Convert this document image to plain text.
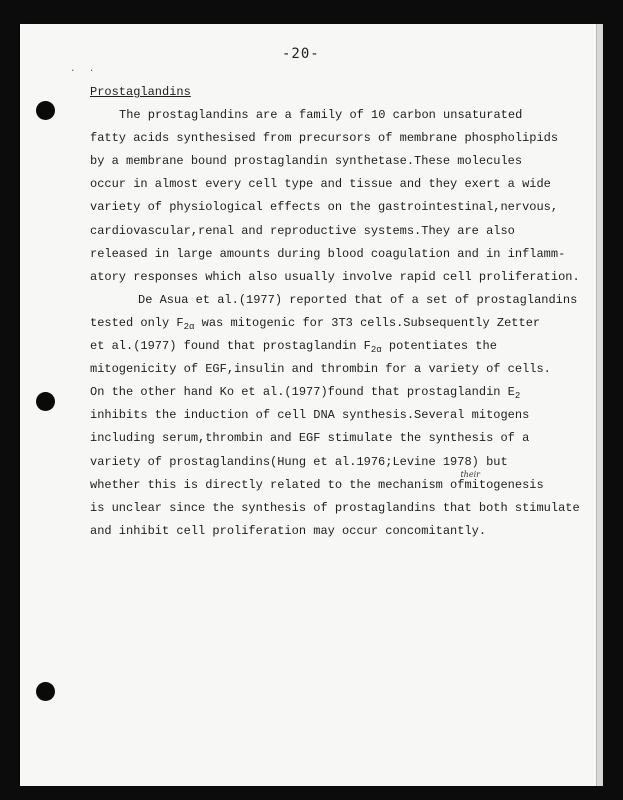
. .
-20-
Prostaglandins
The prostaglandins are a family of 10 carbon unsaturated
fatty acids synthesised from precursors of membrane phospholipids
by a membrane bound prostaglandin synthetase.These molecules
occur in almost every cell type and tissue and they exert a wide
variety of physiological effects on the gastrointestinal,nervous,
cardiovascular,renal and reproductive systems.They are also
released in large amounts during blood coagulation and in inflamm-
atory responses which also usually involve rapid cell proliferation.
De Asua et al.(1977) reported that of a set of prostaglandins
tested only $F_{2\alpha}$ was mitogenic for 3T3 cells.Subsequently Zetter
et al.(1977) found that prostaglandin $F_{2\alpha}$ potentiates the
mitogenicity of EGF,insulin and thrombin for a variety of cells.
On the other hand Ko et al.(1977)found that prostaglandin $E_2$
inhibits the induction of cell DNA synthesis.Several mitogens
including serum,thrombin and EGF stimulate the synthesis of a
variety of prostaglandins(Hung et al.1976;Levine 1978) but
whether this is directly related to the mechanism of
their
mitogenesis
is unclear since the synthesis of prostaglandins that both stimulate
and inhibit cell proliferation may occur concomitantly.
